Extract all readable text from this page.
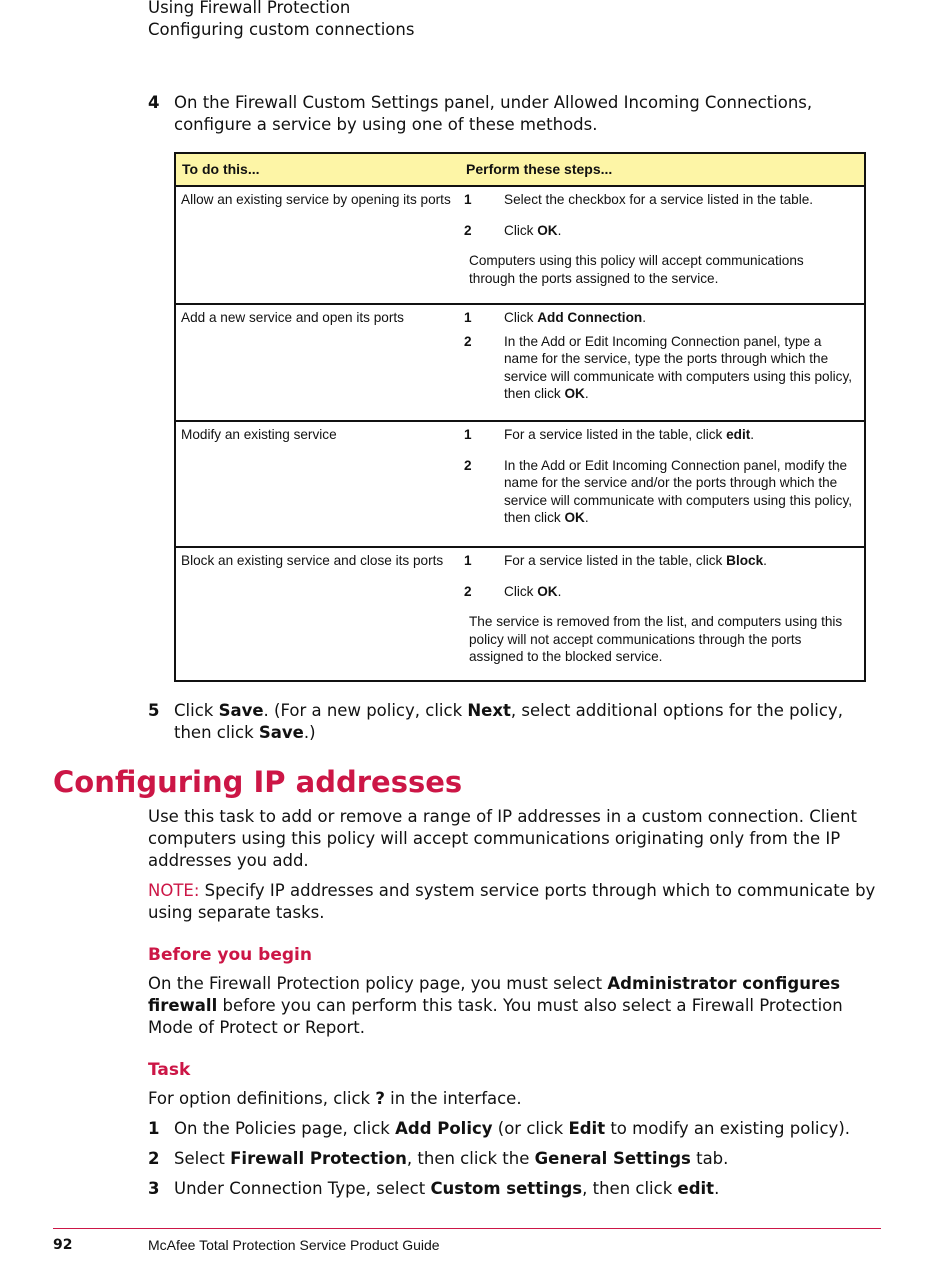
Using Firewall Protection
Configuring custom connections
4 On the Firewall Custom Settings panel, under Allowed Incoming Connections, configure a service by using one of these methods.
To do this...	Perform these steps...
Allow an existing service by opening its ports	1 Select the checkbox for a service listed in the table.
2 Click OK.
Computers using this policy will accept communications through the ports assigned to the service.

Add a new service and open its ports	1 Click Add Connection.
2 In the Add or Edit Incoming Connection panel, type a name for the service, type the ports through which the service will communicate with computers using this policy, then click OK.

Modify an existing service	1 For a service listed in the table, click edit.
2 In the Add or Edit Incoming Connection panel, modify the name for the service and/or the ports through which the service will communicate with computers using this policy, then click OK.

Block an existing service and close its ports	1 For a service listed in the table, click Block.
2 Click OK.
The service is removed from the list, and computers using this policy will not accept communications through the ports assigned to the blocked service.
5 Click Save. (For a new policy, click Next, select additional options for the policy, then click Save.)
Configuring IP addresses

Use this task to add or remove a range of IP addresses in a custom connection. Client computers using this policy will accept communications originating only from the IP addresses you add.

NOTE: Specify IP addresses and system service ports through which to communicate by using separate tasks.

Before you begin

On the Firewall Protection policy page, you must select Administrator configures firewall before you can perform this task. You must also select a Firewall Protection Mode of Protect or Report.

Task

For option definitions, click ? in the interface.

1 On the Policies page, click Add Policy (or click Edit to modify an existing policy).
2 Select Firewall Protection, then click the General Settings tab.
3 Under Connection Type, select Custom settings, then click edit.
92	McAfee Total Protection Service Product Guide
